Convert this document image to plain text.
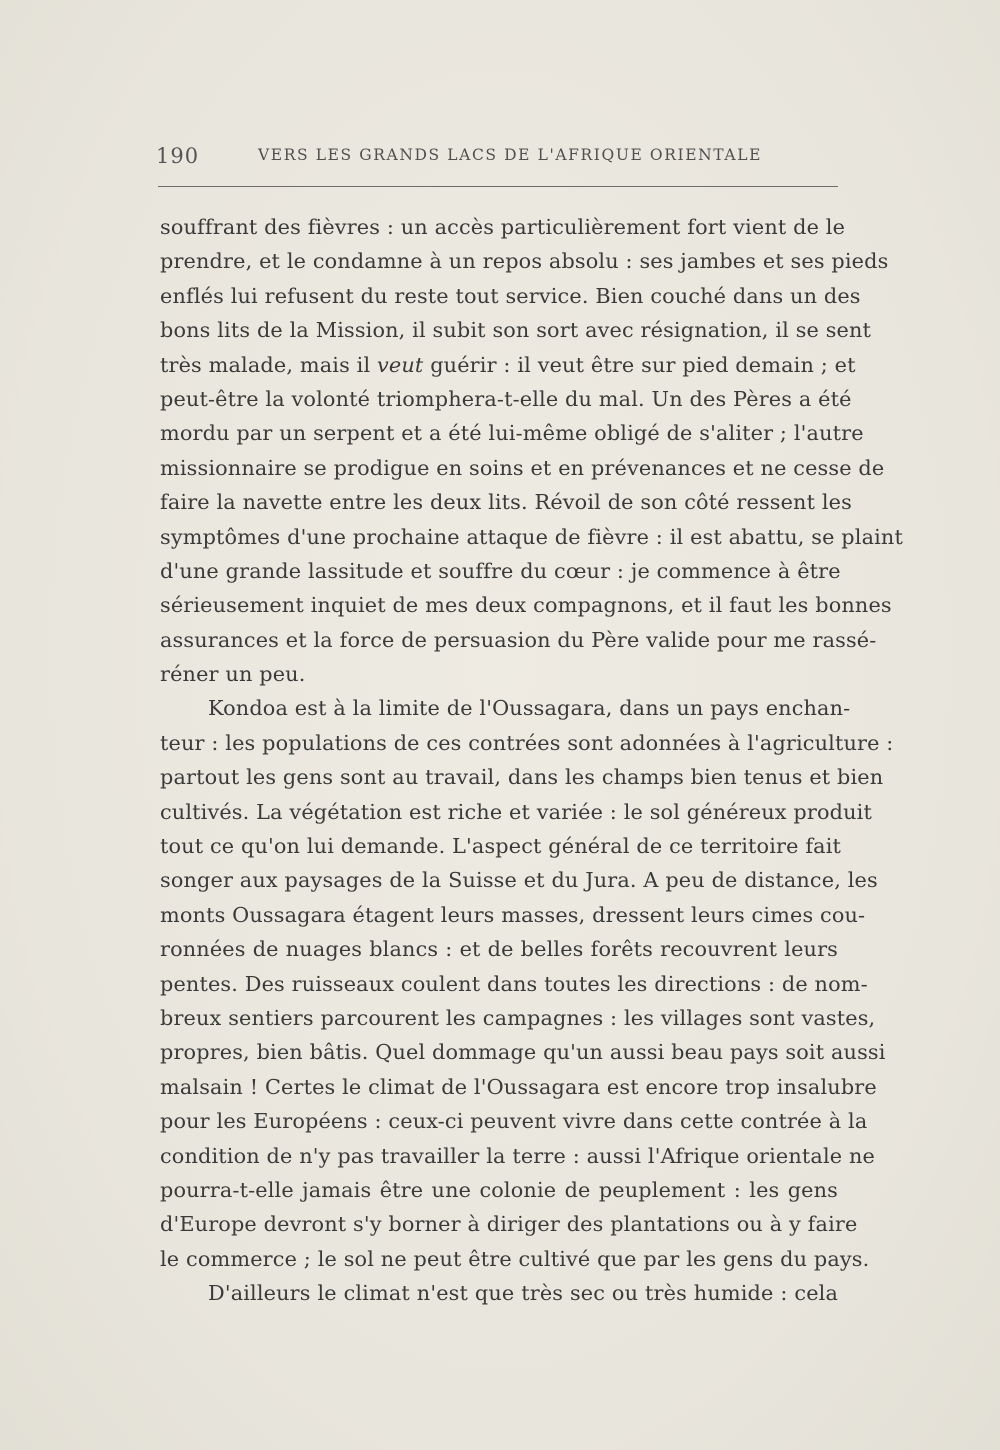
190	VERS LES GRANDS LACS DE L'AFRIQUE ORIENTALE
souffrant des fièvres : un accès particulièrement fort vient de le
prendre, et le condamne à un repos absolu : ses jambes et ses pieds
enflés lui refusent du reste tout service. Bien couché dans un des
bons lits de la Mission, il subit son sort avec résignation, il se sent
très malade, mais il veut guérir : il veut être sur pied demain ; et
peut-être la volonté triomphera-t-elle du mal. Un des Pères a été
mordu par un serpent et a été lui-même obligé de s'aliter ; l'autre
missionnaire se prodigue en soins et en prévenances et ne cesse de
faire la navette entre les deux lits. Révoil de son côté ressent les
symptômes d'une prochaine attaque de fièvre : il est abattu, se plaint
d'une grande lassitude et souffre du cœur : je commence à être
sérieusement inquiet de mes deux compagnons, et il faut les bonnes
assurances et la force de persuasion du Père valide pour me rassé-
réner un peu.
Kondoa est à la limite de l'Oussagara, dans un pays enchan-
teur : les populations de ces contrées sont adonnées à l'agriculture :
partout les gens sont au travail, dans les champs bien tenus et bien
cultivés. La végétation est riche et variée : le sol généreux produit
tout ce qu'on lui demande. L'aspect général de ce territoire fait
songer aux paysages de la Suisse et du Jura. A peu de distance, les
monts Oussagara étagent leurs masses, dressent leurs cimes cou-
ronnées de nuages blancs : et de belles forêts recouvrent leurs
pentes. Des ruisseaux coulent dans toutes les directions : de nom-
breux sentiers parcourent les campagnes : les villages sont vastes,
propres, bien bâtis. Quel dommage qu'un aussi beau pays soit aussi
malsain ! Certes le climat de l'Oussagara est encore trop insalubre
pour les Européens : ceux-ci peuvent vivre dans cette contrée à la
condition de n'y pas travailler la terre : aussi l'Afrique orientale ne
pourra-t-elle jamais être une colonie de peuplement : les gens
d'Europe devront s'y borner à diriger des plantations ou à y faire
le commerce ; le sol ne peut être cultivé que par les gens du pays.
D'ailleurs le climat n'est que très sec ou très humide : cela
